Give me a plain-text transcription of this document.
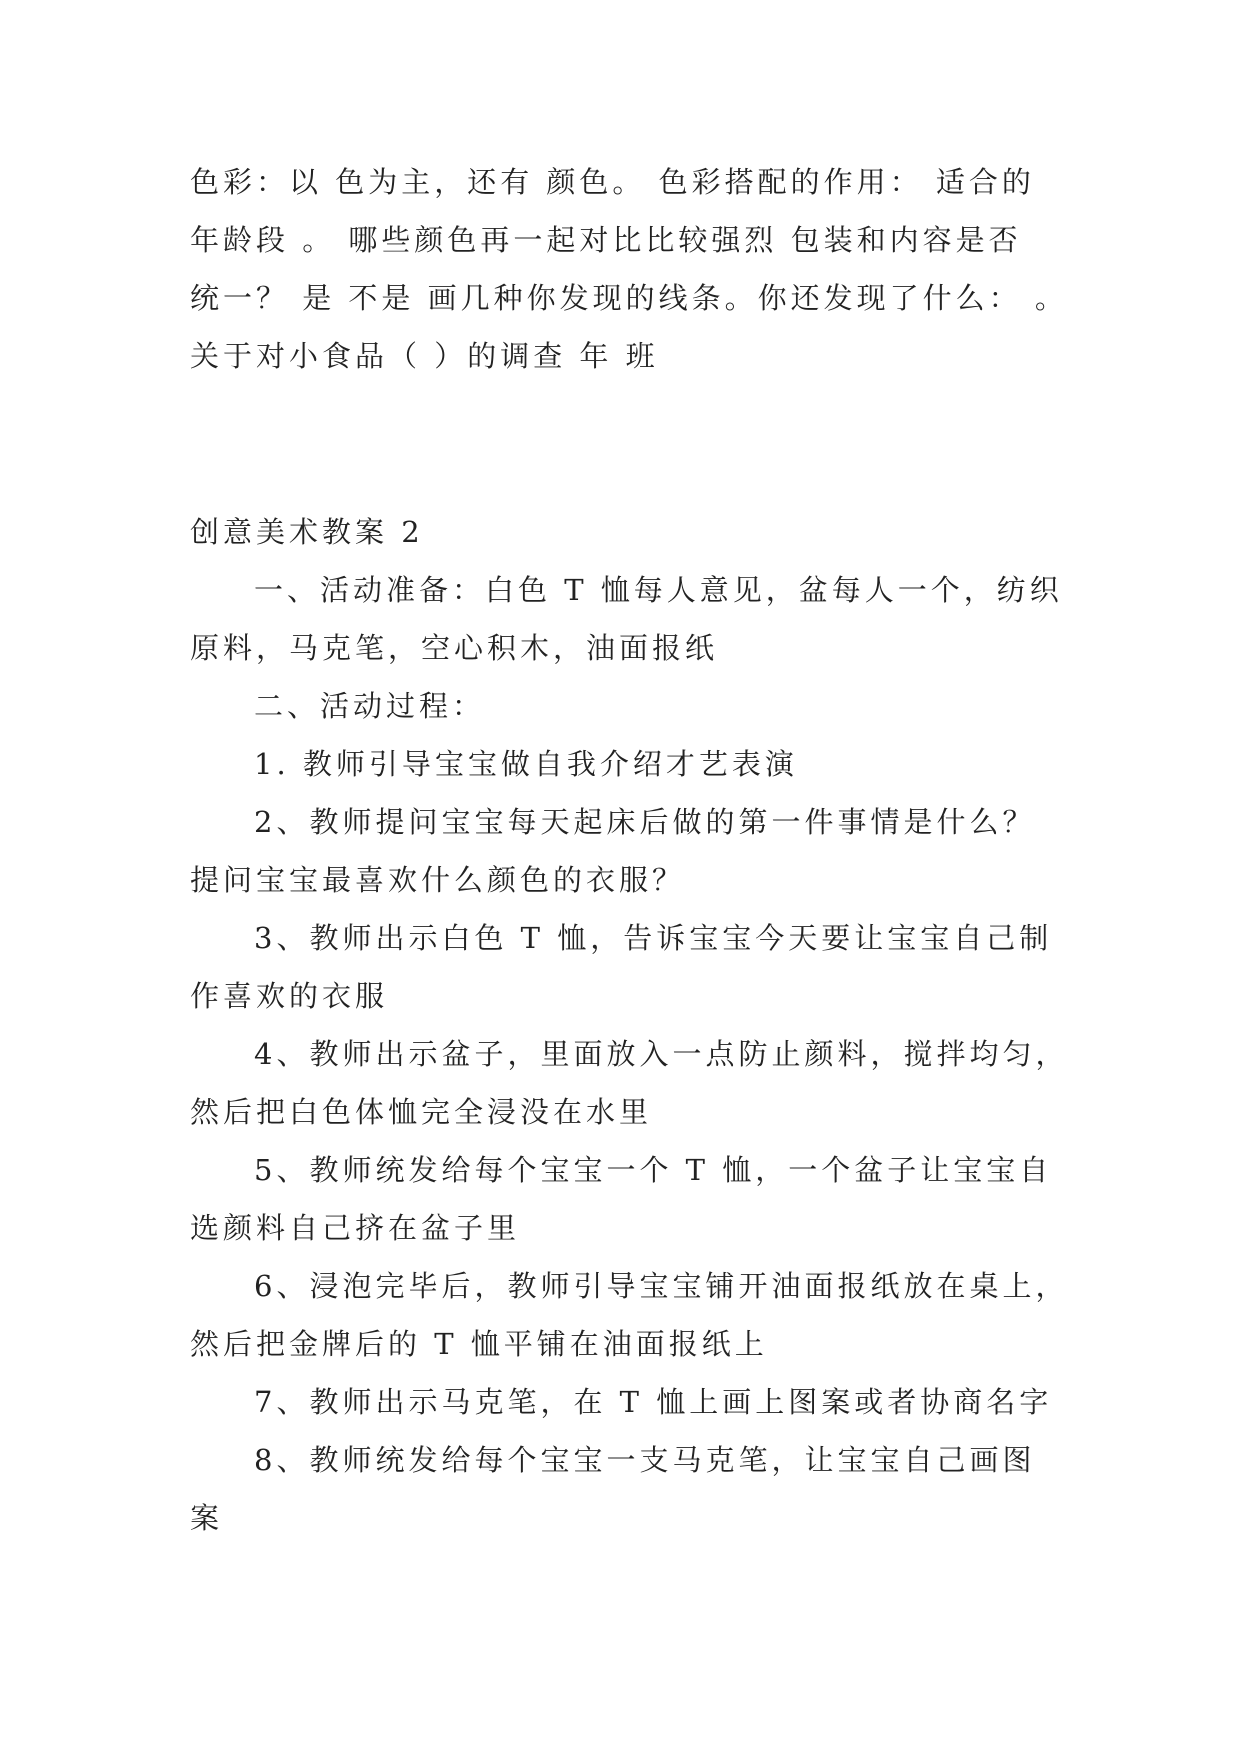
色彩：以 色为主，还有 颜色。 色彩搭配的作用： 适合的
年龄段 。 哪些颜色再一起对比比较强烈 包装和内容是否
统一？ 是 不是 画几种你发现的线条。你还发现了什么： 。
关于对小食品（ ）的调查 年 班
创意美术教案 2
一、活动准备：白色 T 恤每人意见，盆每人一个，纺织
原料，马克笔，空心积木，油面报纸
二、活动过程：
1. 教师引导宝宝做自我介绍才艺表演
2、教师提问宝宝每天起床后做的第一件事情是什么？
提问宝宝最喜欢什么颜色的衣服？
3、教师出示白色 T 恤，告诉宝宝今天要让宝宝自己制
作喜欢的衣服
4、教师出示盆子，里面放入一点防止颜料，搅拌均匀，
然后把白色体恤完全浸没在水里
5、教师统发给每个宝宝一个 T 恤，一个盆子让宝宝自
选颜料自己挤在盆子里
6、浸泡完毕后，教师引导宝宝铺开油面报纸放在桌上，
然后把金牌后的 T 恤平铺在油面报纸上
7、教师出示马克笔，在 T 恤上画上图案或者协商名字
8、教师统发给每个宝宝一支马克笔，让宝宝自己画图
案
